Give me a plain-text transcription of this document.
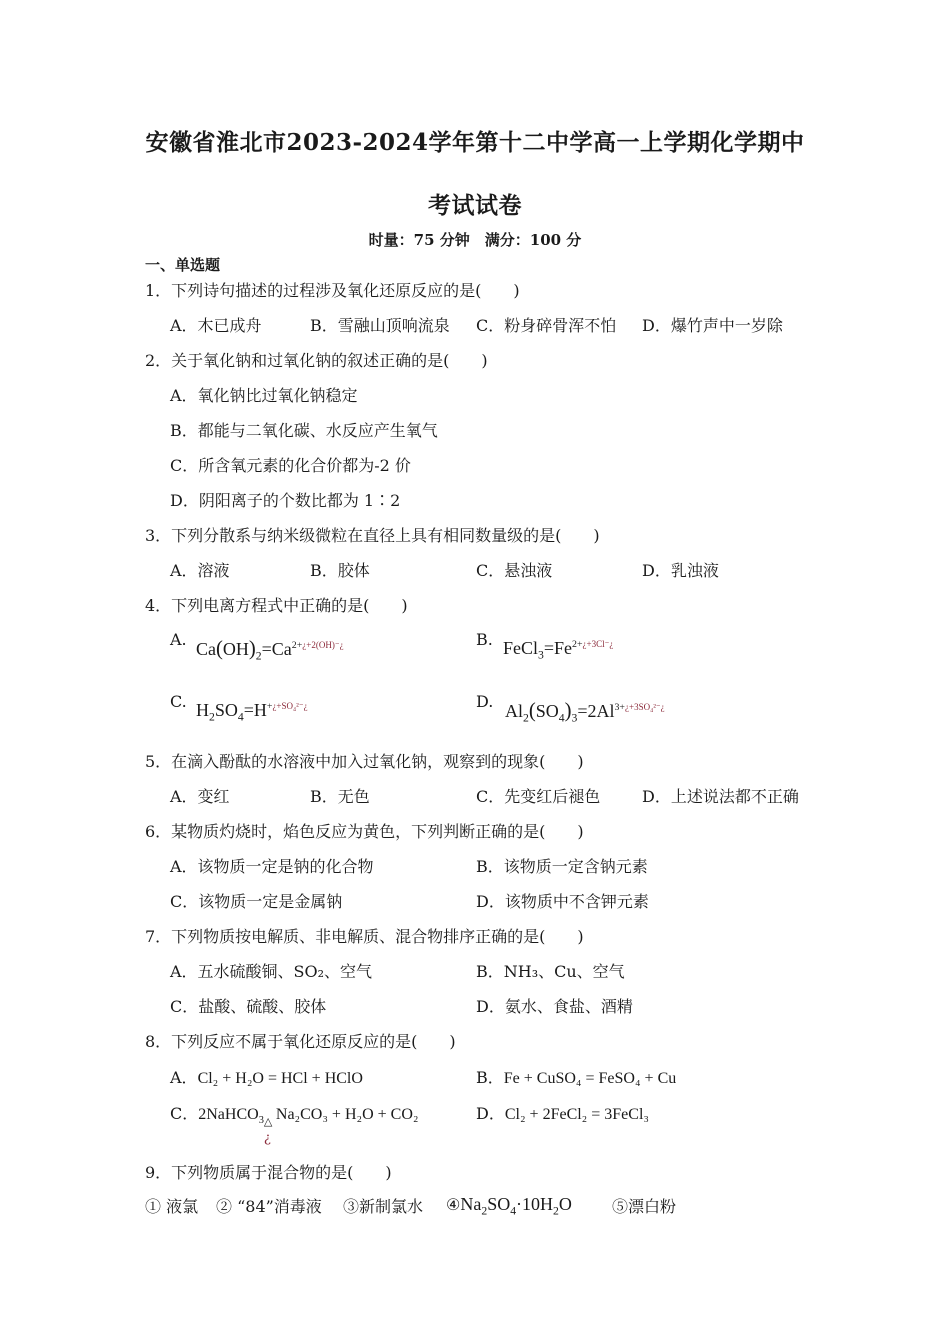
安徽省淮北市2023-2024学年第十二中学高一上学期化学期中
考试试卷
时量：75 分钟　满分：100 分
一、单选题
1．下列诗句描述的过程涉及氧化还原反应的是(　　)
A．木已成舟	B．雪融山顶响流泉 C．粉身碎骨浑不怕 D．爆竹声中一岁除
2．关于氧化钠和过氧化钠的叙述正确的是(　　)
A．氧化钠比过氧化钠稳定
B．都能与二氧化碳、水反应产生氧气
C．所含氧元素的化合价都为-2 价
D．阴阳离子的个数比都为 1∶2
3．下列分散系与纳米级微粒在直径上具有相同数量级的是(　　)
A．溶液	B．胶体	C．悬浊液	D．乳浊液
4．下列电离方程式中正确的是(　　)
A. $Ca(OH)_2=Ca^{2+¿+2(OH)^-¿}$	B. $FeCl_3=Fe^{2+¿+3Cl^-¿}$
C. $H_2SO_4=H^{+¿+SO_4^{2-}¿}$	D. $Al_2(SO_4)_3=2Al^{3+¿+3SO_4^{2-}¿}$
5．在滴入酚酞的水溶液中加入过氧化钠，观察到的现象(　　)
A．变红	B．无色	C．先变红后褪色	D．上述说法都不正确
6．某物质灼烧时，焰色反应为黄色，下列判断正确的是(　　)
A．该物质一定是钠的化合物	B．该物质一定含钠元素
C．该物质一定是金属钠	D．该物质中不含钾元素
7．下列物质按电解质、非电解质、混合物排序正确的是(　　)
A．五水硫酸铜、SO₂、空气	B．NH₃、Cu、空气
C．盐酸、硫酸、胶体	D．氨水、食盐、酒精
8．下列反应不属于氧化还原反应的是(　　)
A．Cl₂ + H₂O = HCl + HClO	B．Fe + CuSO₄ = FeSO₄ + Cu
C．2NaHCO$_3$ △
¿
Na₂CO₃ + H₂O + CO₂	D．Cl₂ + 2FeCl₂ = 3FeCl₃
9．下列物质属于混合物的是(　　)
① 液氯 ② “84”消毒液 ③新制氯水 $④Na_2SO_4\cdot 10H_2O$	⑤漂白粉
